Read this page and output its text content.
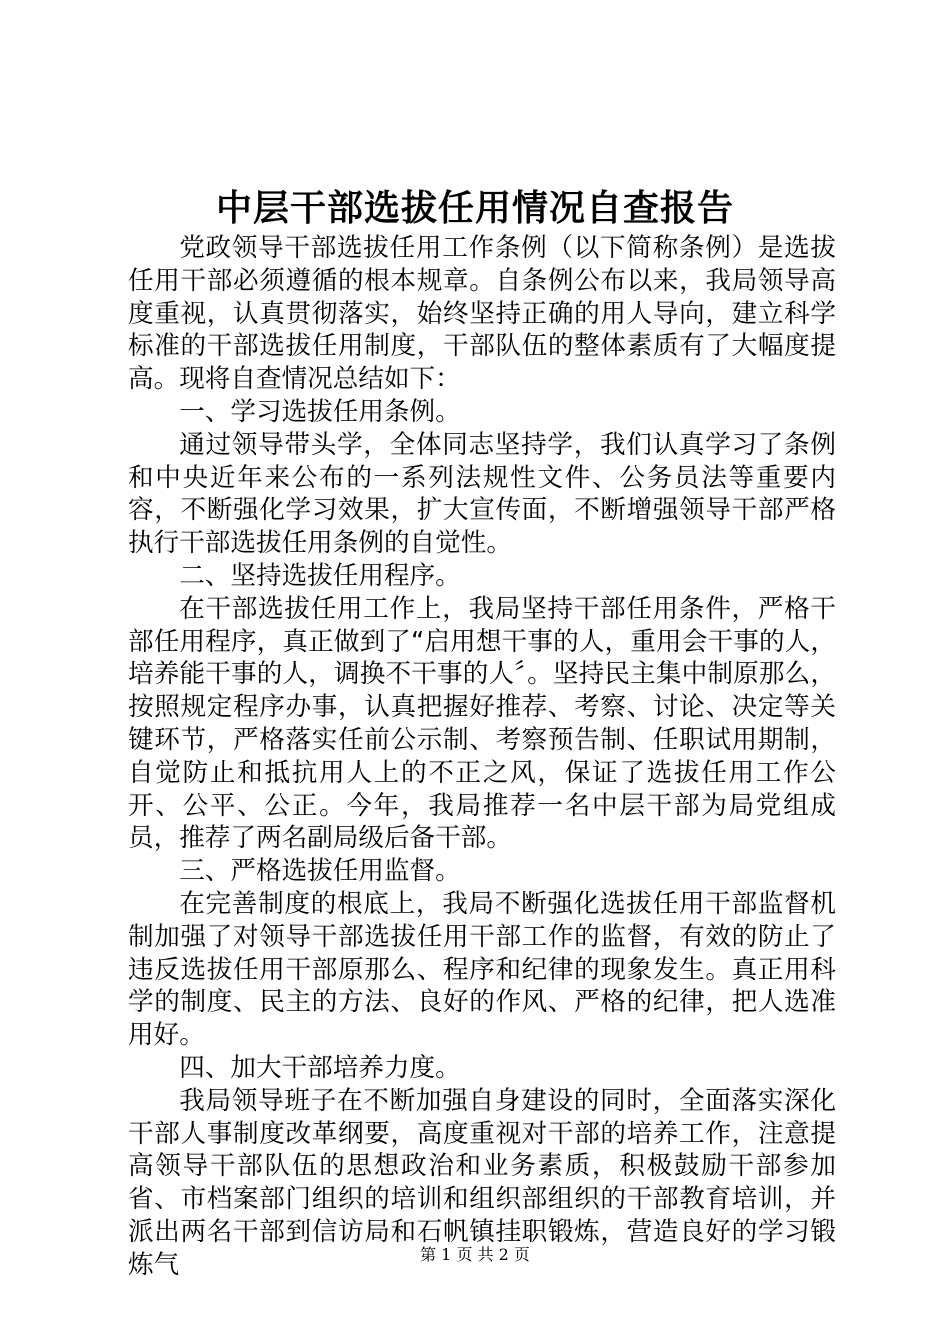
中层干部选拔任用情况自查报告

党政领导干部选拔任用工作条例（以下简称条例）是选拔任用干部必须遵循的根本规章。自条例公布以来，我局领导高度重视，认真贯彻落实，始终坚持正确的用人导向，建立科学标准的干部选拔任用制度，干部队伍的整体素质有了大幅度提高。现将自查情况总结如下：

一、学习选拔任用条例。

通过领导带头学，全体同志坚持学，我们认真学习了条例和中央近年来公布的一系列法规性文件、公务员法等重要内容，不断强化学习效果，扩大宣传面，不断增强领导干部严格执行干部选拔任用条例的自觉性。

二、坚持选拔任用程序。

在干部选拔任用工作上，我局坚持干部任用条件，严格干部任用程序，真正做到了“启用想干事的人，重用会干事的人，培养能干事的人，调换不干事的人〞。坚持民主集中制原那么，按照规定程序办事，认真把握好推荐、考察、讨论、决定等关键环节，严格落实任前公示制、考察预告制、任职试用期制，自觉防止和抵抗用人上的不正之风，保证了选拔任用工作公开、公平、公正。今年，我局推荐一名中层干部为局党组成员，推荐了两名副局级后备干部。

三、严格选拔任用监督。

在完善制度的根底上，我局不断强化选拔任用干部监督机制加强了对领导干部选拔任用干部工作的监督，有效的防止了违反选拔任用干部原那么、程序和纪律的现象发生。真正用科学的制度、民主的方法、良好的作风、严格的纪律，把人选准用好。

四、加大干部培养力度。

我局领导班子在不断加强自身建设的同时，全面落实深化干部人事制度改革纲要，高度重视对干部的培养工作，注意提高领导干部队伍的思想政治和业务素质，积极鼓励干部参加省、市档案部门组织的培训和组织部组织的干部教育培训，并派出两名干部到信访局和石帆镇挂职锻炼，营造良好的学习锻炼气	第 1 页 共 2 页
